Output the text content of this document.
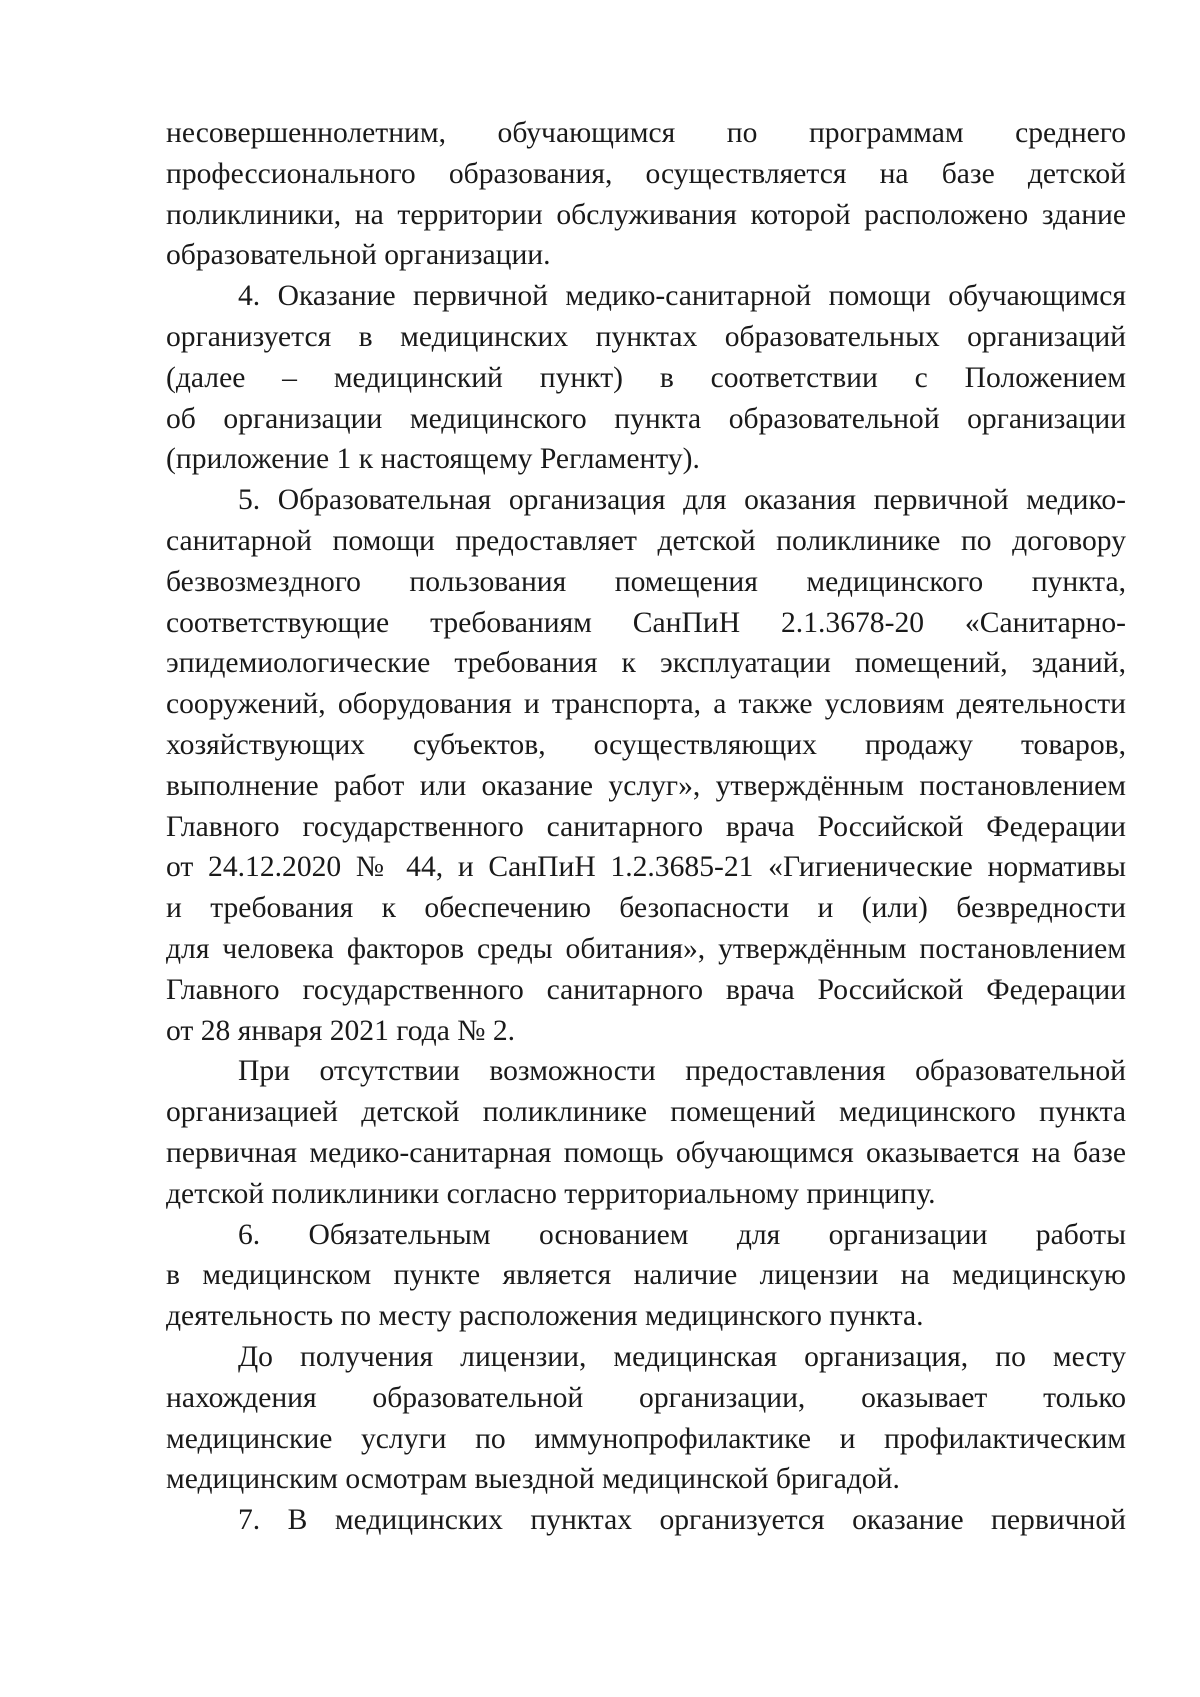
несовершеннолетним, обучающимся по программам среднего
профессионального образования, осуществляется на базе детской
поликлиники, на территории обслуживания которой расположено здание
образовательной организации.
4. Оказание первичной медико-санитарной помощи обучающимся
организуется в медицинских пунктах образовательных организаций
(далее – медицинский пункт) в соответствии с Положением
об организации медицинского пункта образовательной организации
(приложение 1 к настоящему Регламенту).
5. Образовательная организация для оказания первичной медико-
санитарной помощи предоставляет детской поликлинике по договору
безвозмездного пользования помещения медицинского пункта,
соответствующие требованиям СанПиН 2.1.3678-20 «Санитарно-
эпидемиологические требования к эксплуатации помещений, зданий,
сооружений, оборудования и транспорта, а также условиям деятельности
хозяйствующих субъектов, осуществляющих продажу товаров,
выполнение работ или оказание услуг», утверждённым постановлением
Главного государственного санитарного врача Российской Федерации
от 24.12.2020 № 44, и СанПиН 1.2.3685-21 «Гигиенические нормативы
и требования к обеспечению безопасности и (или) безвредности
для человека факторов среды обитания», утверждённым постановлением
Главного государственного санитарного врача Российской Федерации
от 28 января 2021 года № 2.
При отсутствии возможности предоставления образовательной
организацией детской поликлинике помещений медицинского пункта
первичная медико-санитарная помощь обучающимся оказывается на базе
детской поликлиники согласно территориальному принципу.
6. Обязательным основанием для организации работы
в медицинском пункте является наличие лицензии на медицинскую
деятельность по месту расположения медицинского пункта.
До получения лицензии, медицинская организация, по месту
нахождения образовательной организации, оказывает только
медицинские услуги по иммунопрофилактике и профилактическим
медицинским осмотрам выездной медицинской бригадой.
7. В медицинских пунктах организуется оказание первичной
